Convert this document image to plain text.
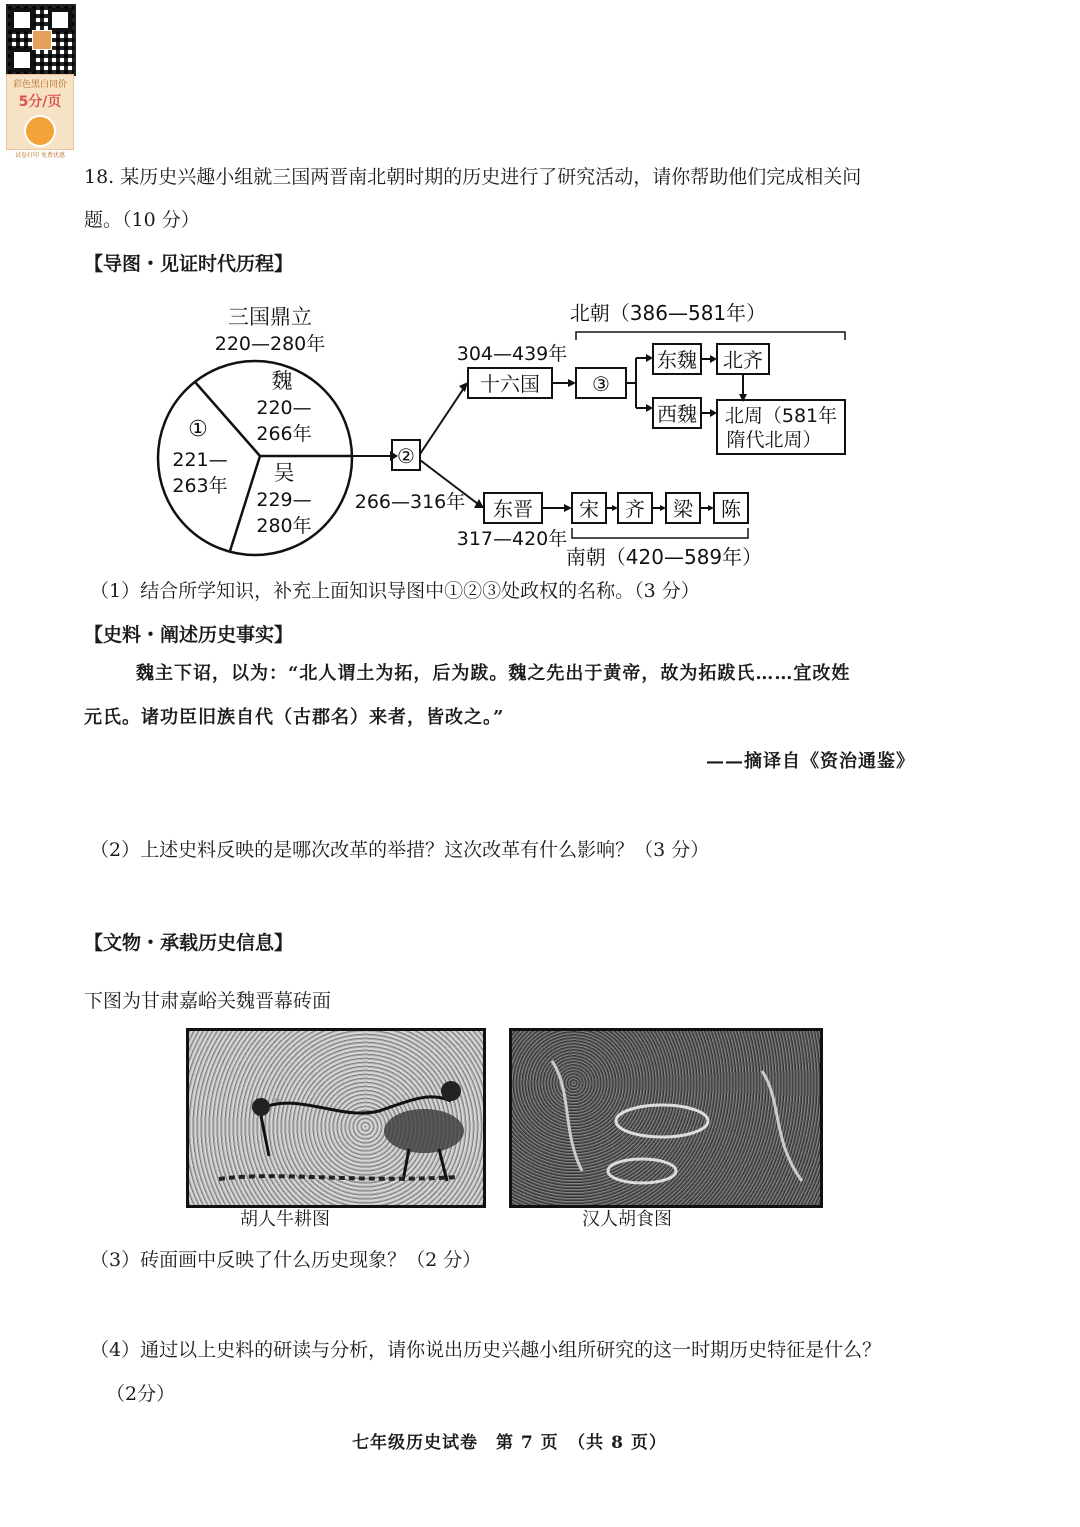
彩色黑白同价
5分/页
试卷打印 免费优惠
18. 某历史兴趣小组就三国两晋南北朝时期的历史进行了研究活动，请你帮助他们完成相关问
题。（10 分）
【导图・见证时代历程】
三国鼎立
220—280年
魏
220—
266年
①
221—
263年
吴
229—
280年
②
266—316年
304—439年
十六国
北朝（386—581年）
③
东魏 北齐
西魏 北周（581年
隋代北周）
东晋
317—420年
宋 齐 梁 陈
南朝（420—589年）
（1）结合所学知识，补充上面知识导图中①②③处政权的名称。（3 分）
【史料・阐述历史事实】
魏主下诏，以为：“北人谓土为拓，后为跋。魏之先出于黄帝，故为拓跋氏……宜改姓
元氏。诸功臣旧族自代（古郡名）来者，皆改之。”
——摘译自《资治通鉴》
（2）上述史料反映的是哪次改革的举措？这次改革有什么影响？（3 分）
【文物・承载历史信息】
下图为甘肃嘉峪关魏晋幕砖面
胡人牛耕图	汉人胡食图
（3）砖面画中反映了什么历史现象？（2 分）
（4）通过以上史料的研读与分析，请你说出历史兴趣小组所研究的这一时期历史特征是什么？
（2分）
七年级历史试卷　第 7 页　（共 8 页）
